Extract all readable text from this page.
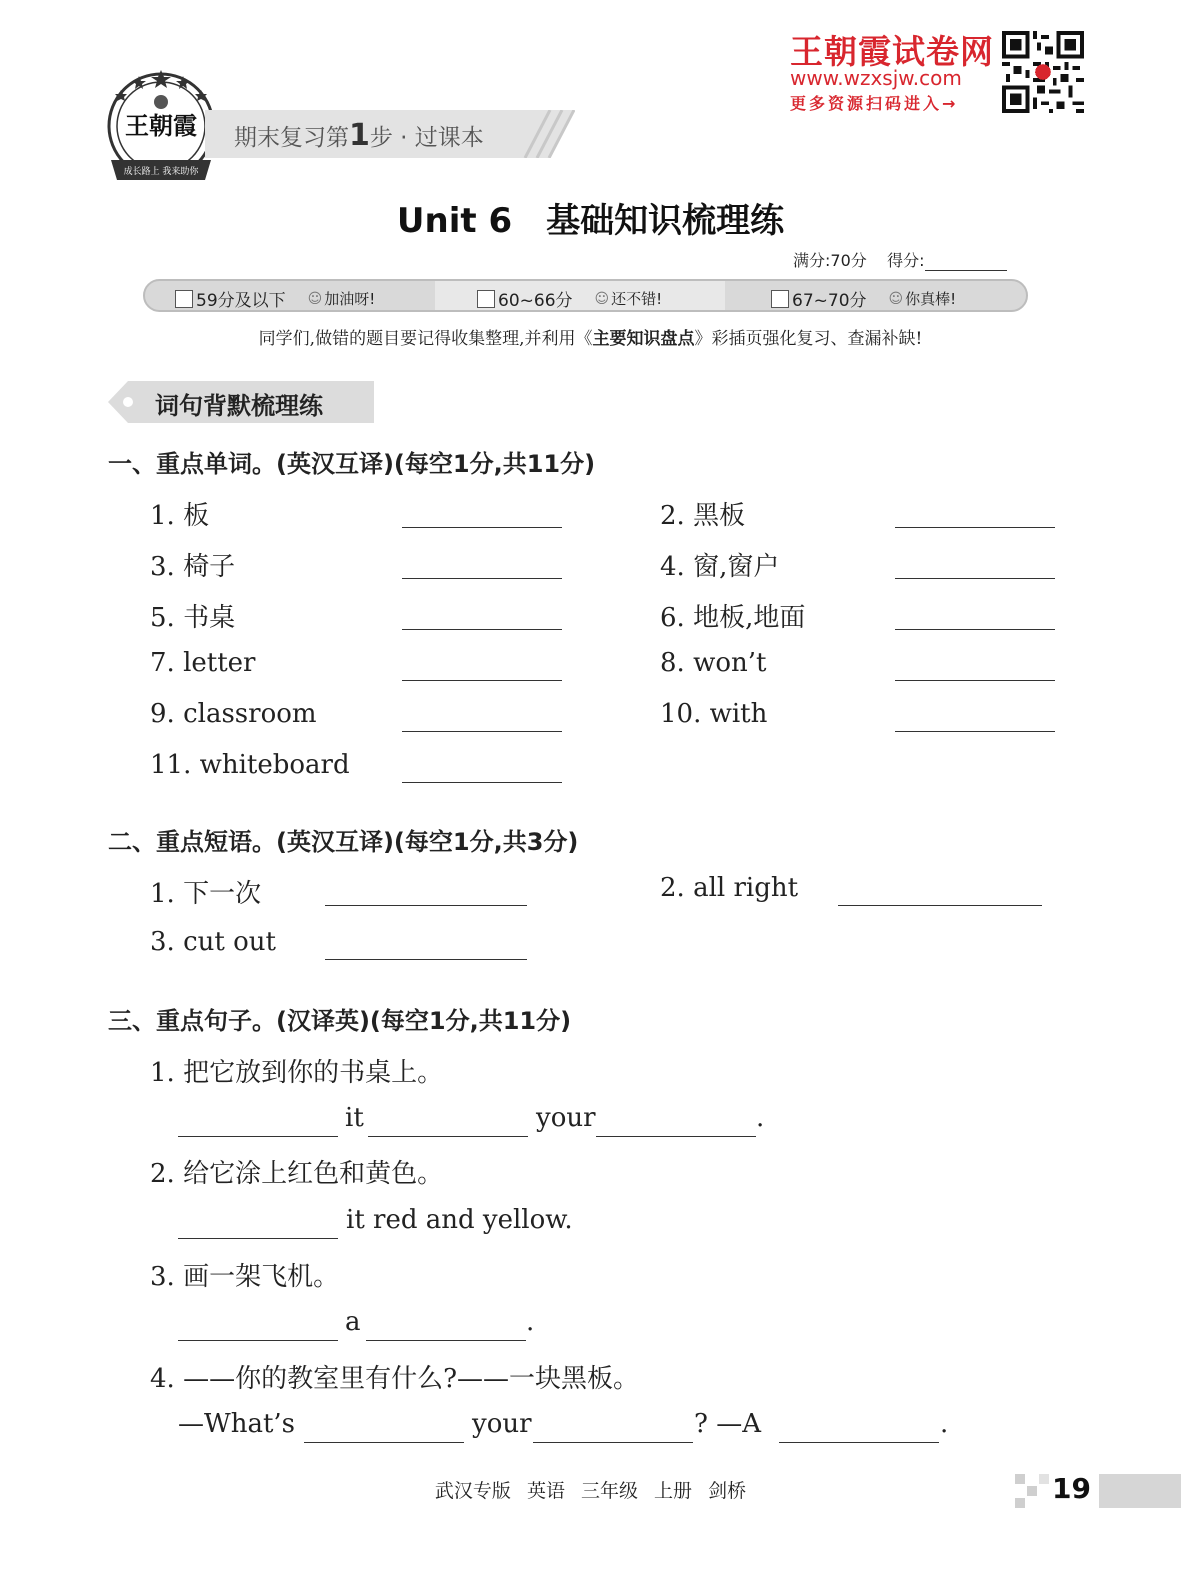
王朝霞
成长路上 我来助你
期末复习第1步 · 过课本
王朝霞试卷网
www.wzxsjw.com
更多资源扫码进入→
Unit 6　基础知识梳理练
满分:70分 得分:
59分及以下 ☺ 加油呀!	60~66分 ☺ 还不错!	67~70分 ☺ 你真棒!
同学们,做错的题目要记得收集整理,并利用《主要知识盘点》彩插页强化复习、查漏补缺!
词句背默梳理练
一、重点单词。(英汉互译)(每空1分,共11分)
1. 板	2. 黑板
3. 椅子	4. 窗,窗户
5. 书桌	6. 地板,地面
7. letter	8. won’t
9. classroom	10. with
11. whiteboard
二、重点短语。(英汉互译)(每空1分,共3分)
1. 下一次	2. all right
3. cut out
三、重点句子。(汉译英)(每空1分,共11分)
1. 把它放到你的书桌上。
it	your	.
2. 给它涂上红色和黄色。
it red and yellow.
3. 画一架飞机。
a	.
4. ——你的教室里有什么?——一块黑板。
—What’s	your	? —A	.
武汉专版 英语 三年级 上册 剑桥	19
